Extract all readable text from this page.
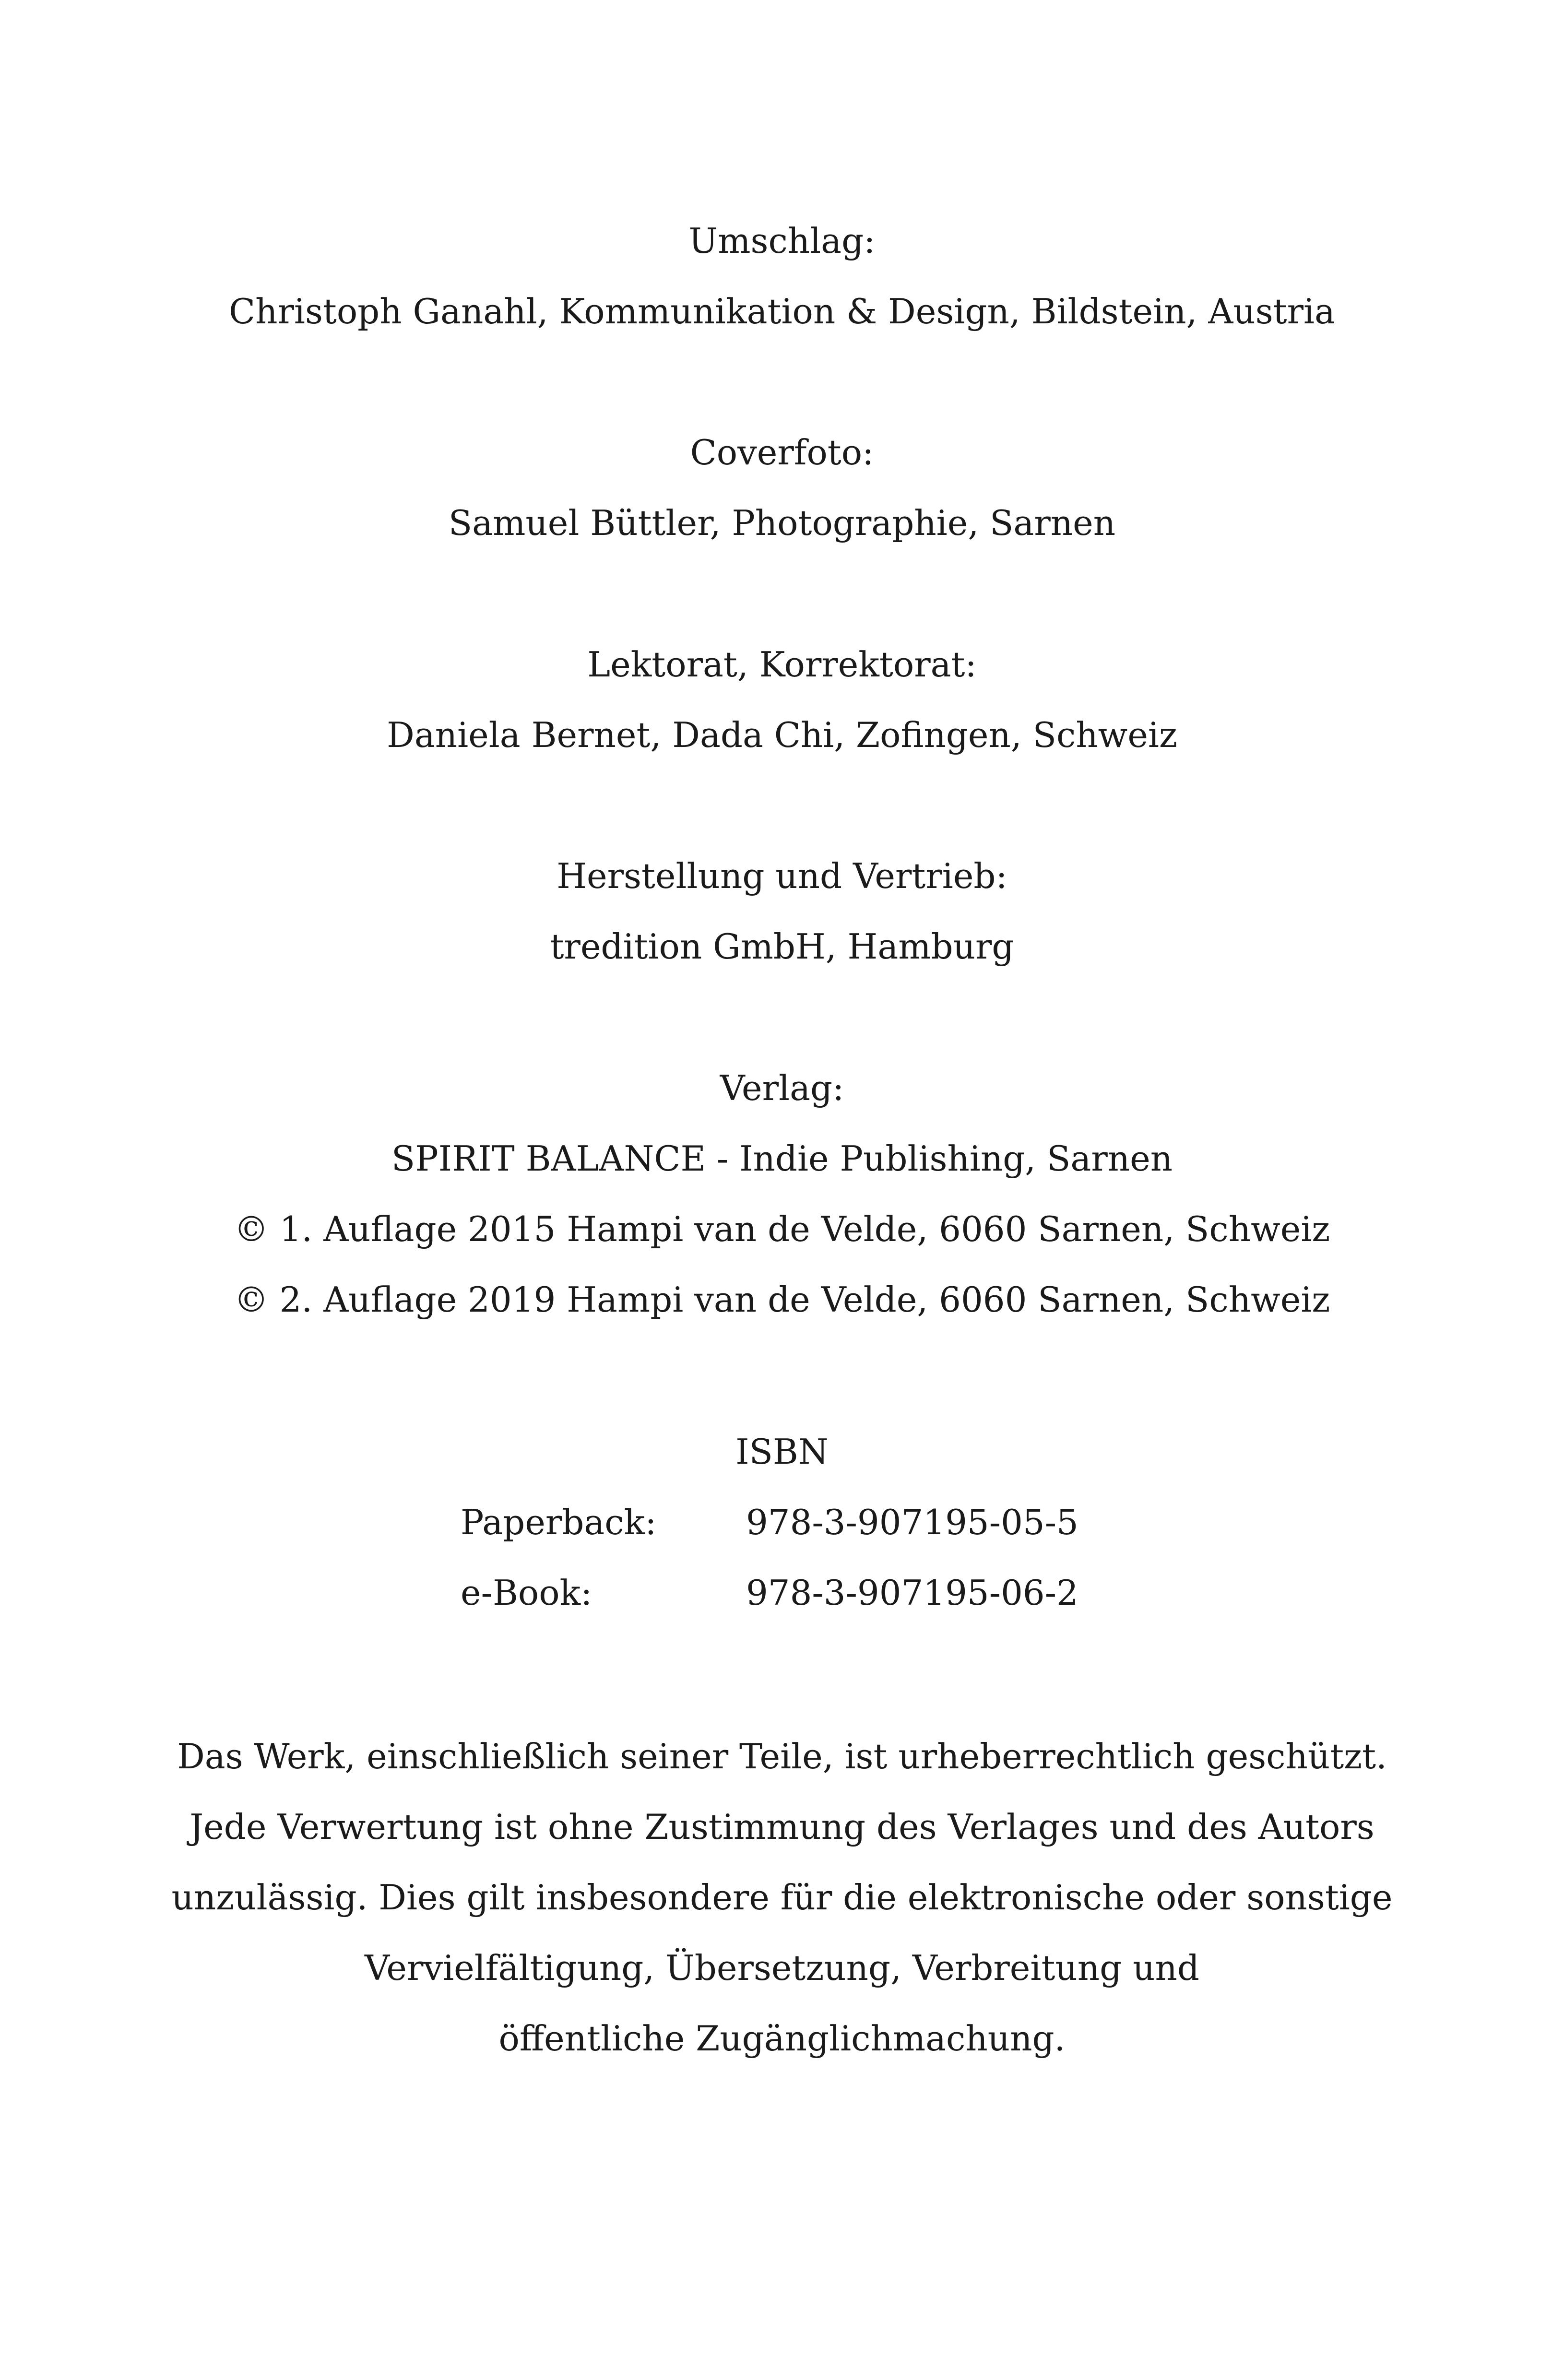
Umschlag:
Christoph Ganahl, Kommunikation & Design, Bildstein, Austria
Coverfoto:
Samuel Büttler, Photographie, Sarnen
Lektorat, Korrektorat:
Daniela Bernet, Dada Chi, Zofingen, Schweiz
Herstellung und Vertrieb:
tredition GmbH, Hamburg
Verlag:
SPIRIT BALANCE - Indie Publishing, Sarnen
© 1. Auflage 2015 Hampi van de Velde, 6060 Sarnen, Schweiz
© 2. Auflage 2019 Hampi van de Velde, 6060 Sarnen, Schweiz
ISBN
Paperback:	978-3-907195-05-5
e-Book:	978-3-907195-06-2
Das Werk, einschließlich seiner Teile, ist urheberrechtlich geschützt.
Jede Verwertung ist ohne Zustimmung des Verlages und des Autors
unzulässig. Dies gilt insbesondere für die elektronische oder sonstige
Vervielfältigung, Übersetzung, Verbreitung und
öffentliche Zugänglichmachung.
